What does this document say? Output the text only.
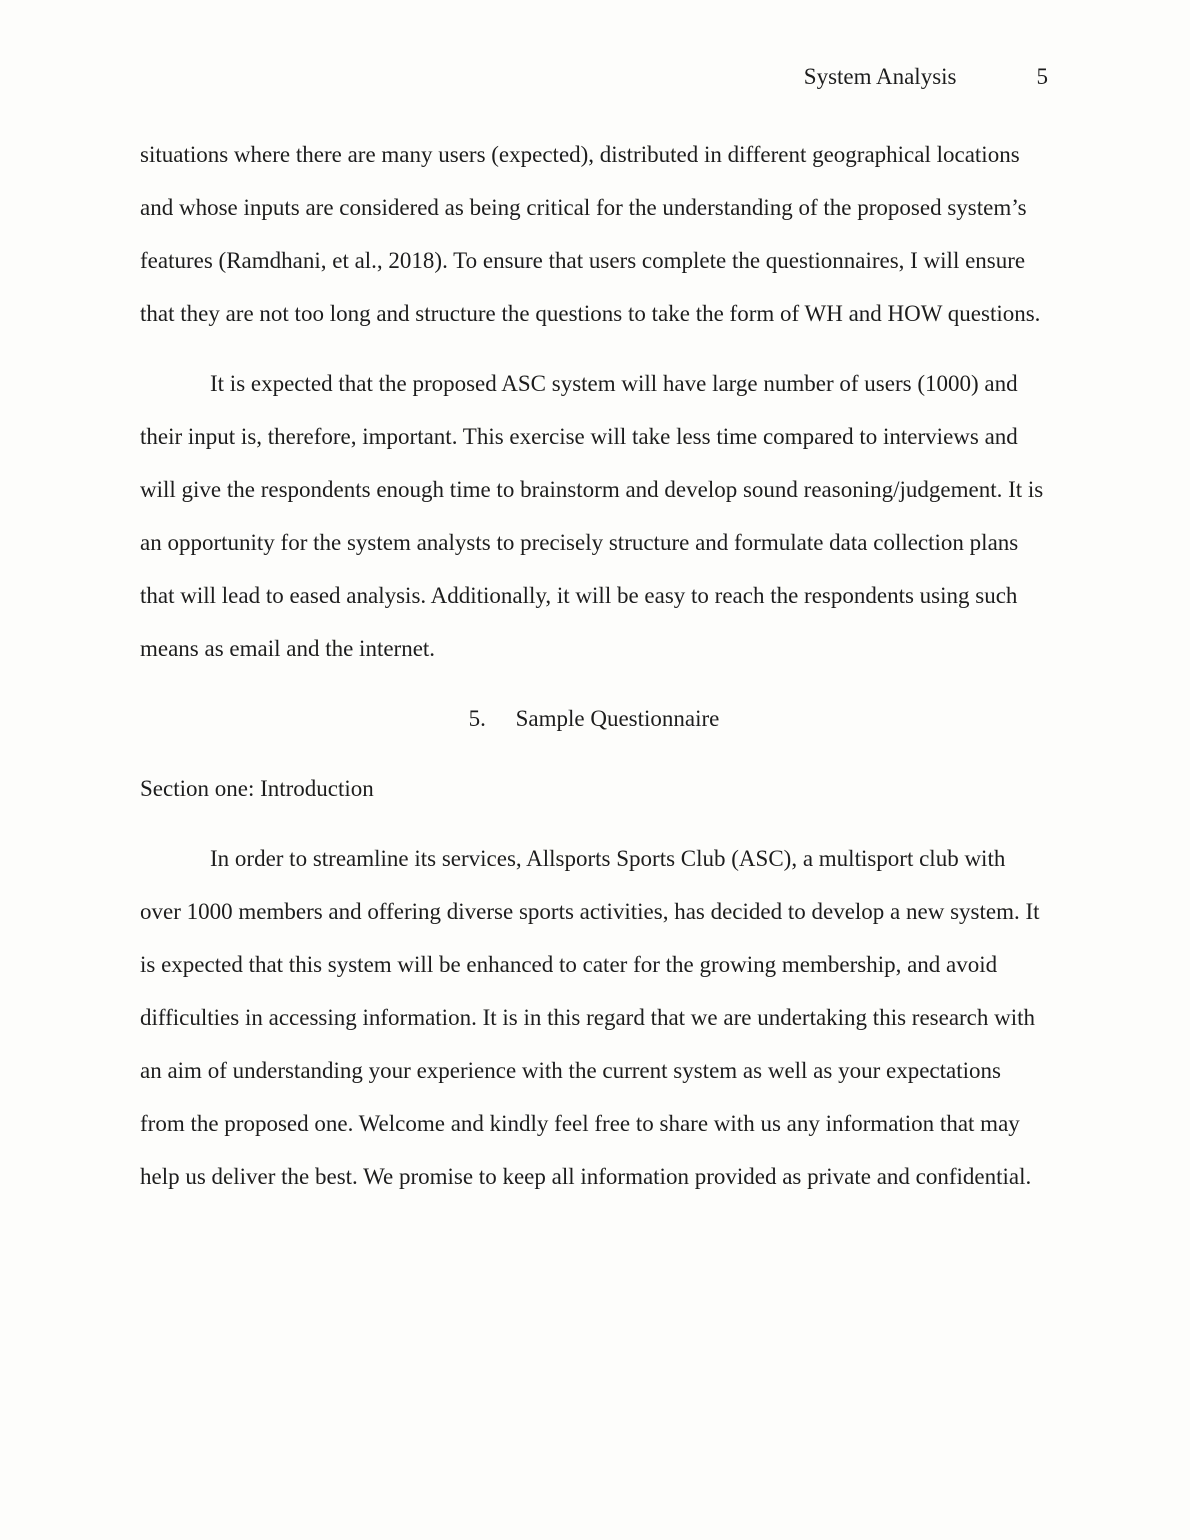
System Analysis	5

situations where there are many users (expected), distributed in different geographical locations and whose inputs are considered as being critical for the understanding of the proposed system’s features (Ramdhani, et al., 2018). To ensure that users complete the questionnaires, I will ensure that they are not too long and structure the questions to take the form of WH and HOW questions.

It is expected that the proposed ASC system will have large number of users (1000) and their input is, therefore, important. This exercise will take less time compared to interviews and will give the respondents enough time to brainstorm and develop sound reasoning/judgement. It is an opportunity for the system analysts to precisely structure and formulate data collection plans that will lead to eased analysis. Additionally, it will be easy to reach the respondents using such means as email and the internet.

5. Sample Questionnaire

Section one: Introduction

In order to streamline its services, Allsports Sports Club (ASC), a multisport club with over 1000 members and offering diverse sports activities, has decided to develop a new system. It is expected that this system will be enhanced to cater for the growing membership, and avoid difficulties in accessing information. It is in this regard that we are undertaking this research with an aim of understanding your experience with the current system as well as your expectations from the proposed one. Welcome and kindly feel free to share with us any information that may help us deliver the best. We promise to keep all information provided as private and confidential.
